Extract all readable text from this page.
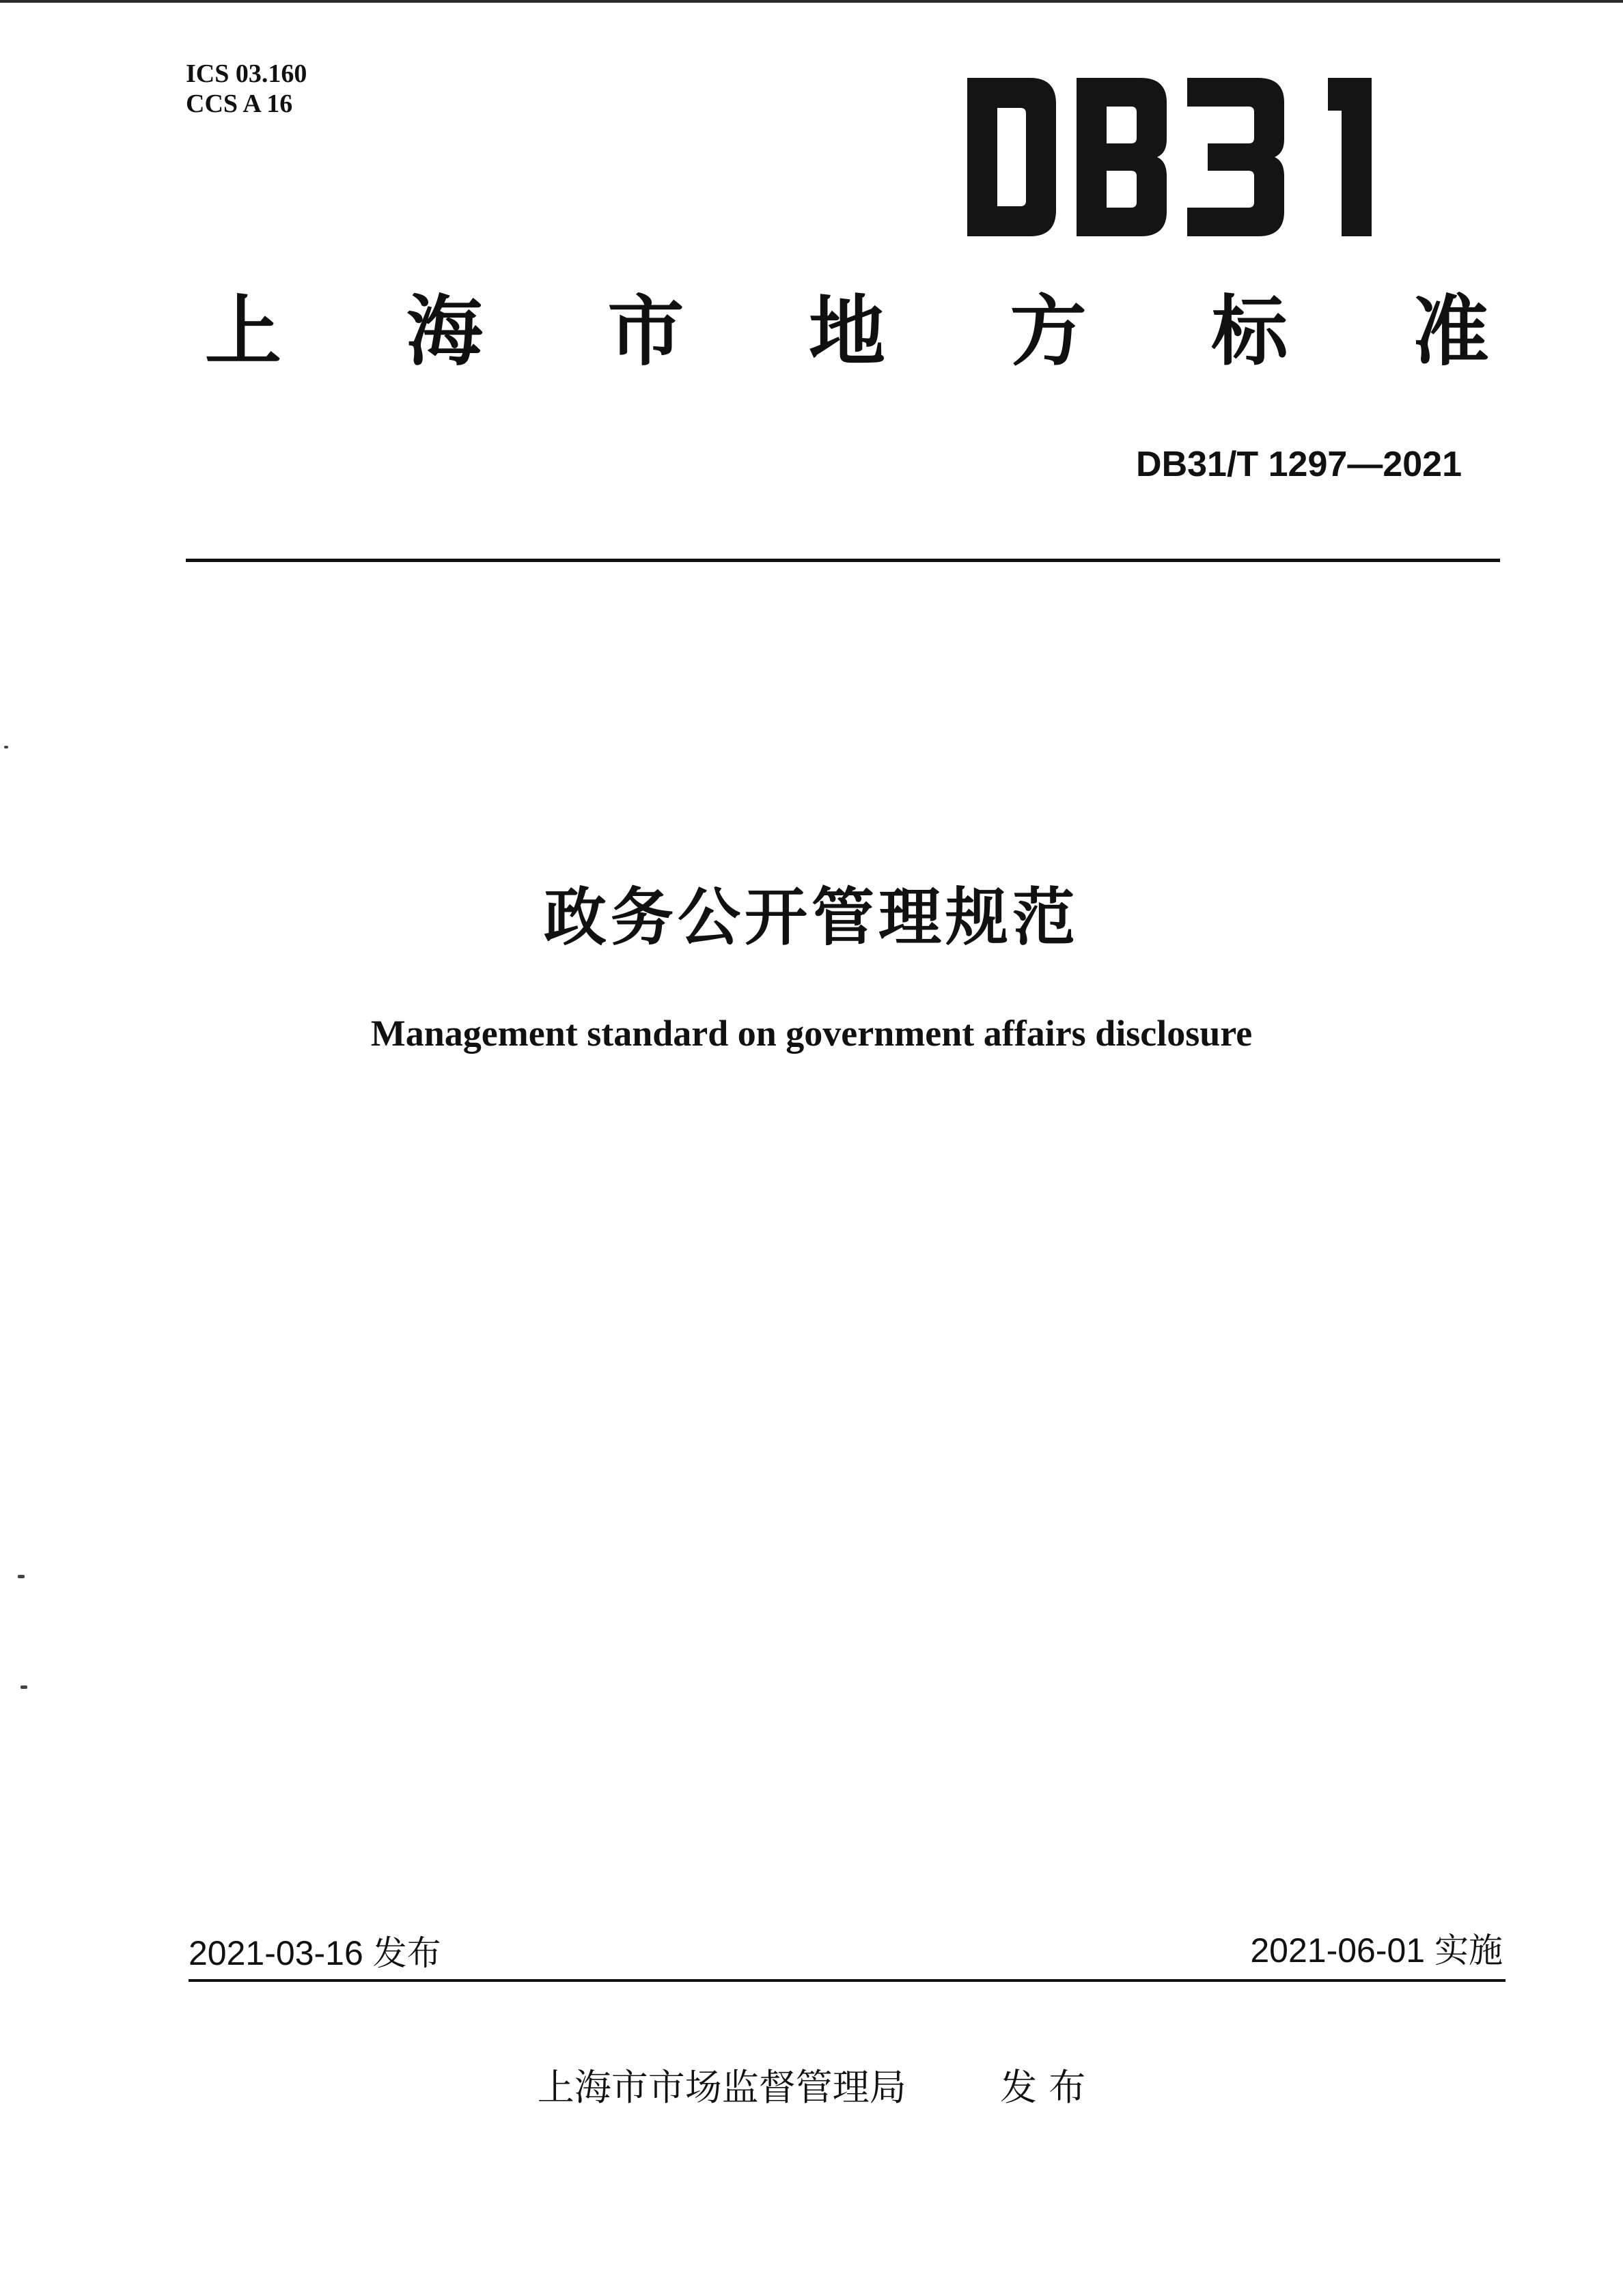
ICS 03.160
CCS A 16
上 海 市 地 方 标 准
DB31/T 1297—2021
政务公开管理规范
Management standard on government affairs disclosure
2021-03-16 发布	2021-06-01 实施
上海市市场监督管理局	发 布
